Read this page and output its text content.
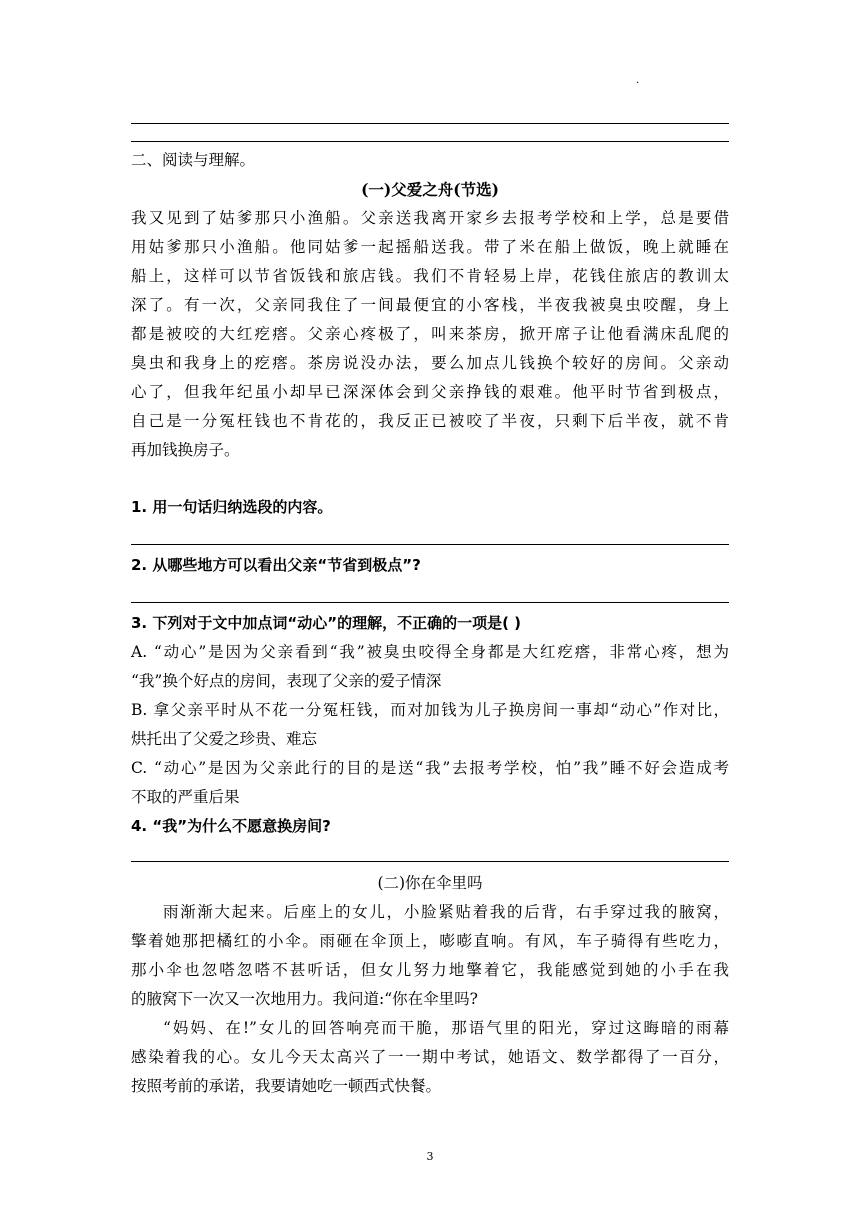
.
二、阅读与理解。
(一)父爱之舟(节选)
我又见到了姑爹那只小渔船。父亲送我离开家乡去报考学校和上学，总是要借
用姑爹那只小渔船。他同姑爹一起摇船送我。带了米在船上做饭，晚上就睡在
船上，这样可以节省饭钱和旅店钱。我们不肯轻易上岸，花钱住旅店的教训太
深了。有一次，父亲同我住了一间最便宜的小客栈，半夜我被臭虫咬醒，身上
都是被咬的大红疙瘩。父亲心疼极了，叫来茶房，掀开席子让他看满床乱爬的
臭虫和我身上的疙瘩。茶房说没办法，要么加点儿钱换个较好的房间。父亲动
心了，但我年纪虽小却早已深深体会到父亲挣钱的艰难。他平时节省到极点，
自己是一分冤枉钱也不肯花的，我反正已被咬了半夜，只剩下后半夜，就不肯
再加钱换房子。
1. 用一句话归纳选段的内容。
2. 从哪些地方可以看出父亲“节省到极点”?
3. 下列对于文中加点词“动心”的理解，不正确的一项是( )
A. “动心”是因为父亲看到“我”被臭虫咬得全身都是大红疙瘩，非常心疼，想为
“我”换个好点的房间，表现了父亲的爱子情深
B. 拿父亲平时从不花一分冤枉钱，而对加钱为儿子换房间一事却“动心”作对比，
烘托出了父爱之珍贵、难忘
C. “动心”是因为父亲此行的目的是送“我”去报考学校，怕”我”睡不好会造成考
不取的严重后果
4. “我”为什么不愿意换房间?
(二)你在伞里吗
雨渐渐大起来。后座上的女儿，小脸紧贴着我的后背，右手穿过我的腋窝，
擎着她那把橘红的小伞。雨砸在伞顶上，嘭嘭直响。有风，车子骑得有些吃力，
那小伞也忽嗒忽嗒不甚听话，但女儿努力地擎着它，我能感觉到她的小手在我
的腋窝下一次又一次地用力。我问道:“你在伞里吗?
“妈妈、在!”女儿的回答响亮而干脆，那语气里的阳光，穿过这晦暗的雨幕
感染着我的心。女儿今天太高兴了一一期中考试，她语文、数学都得了一百分，
按照考前的承诺，我要请她吃一顿西式快餐。
3
